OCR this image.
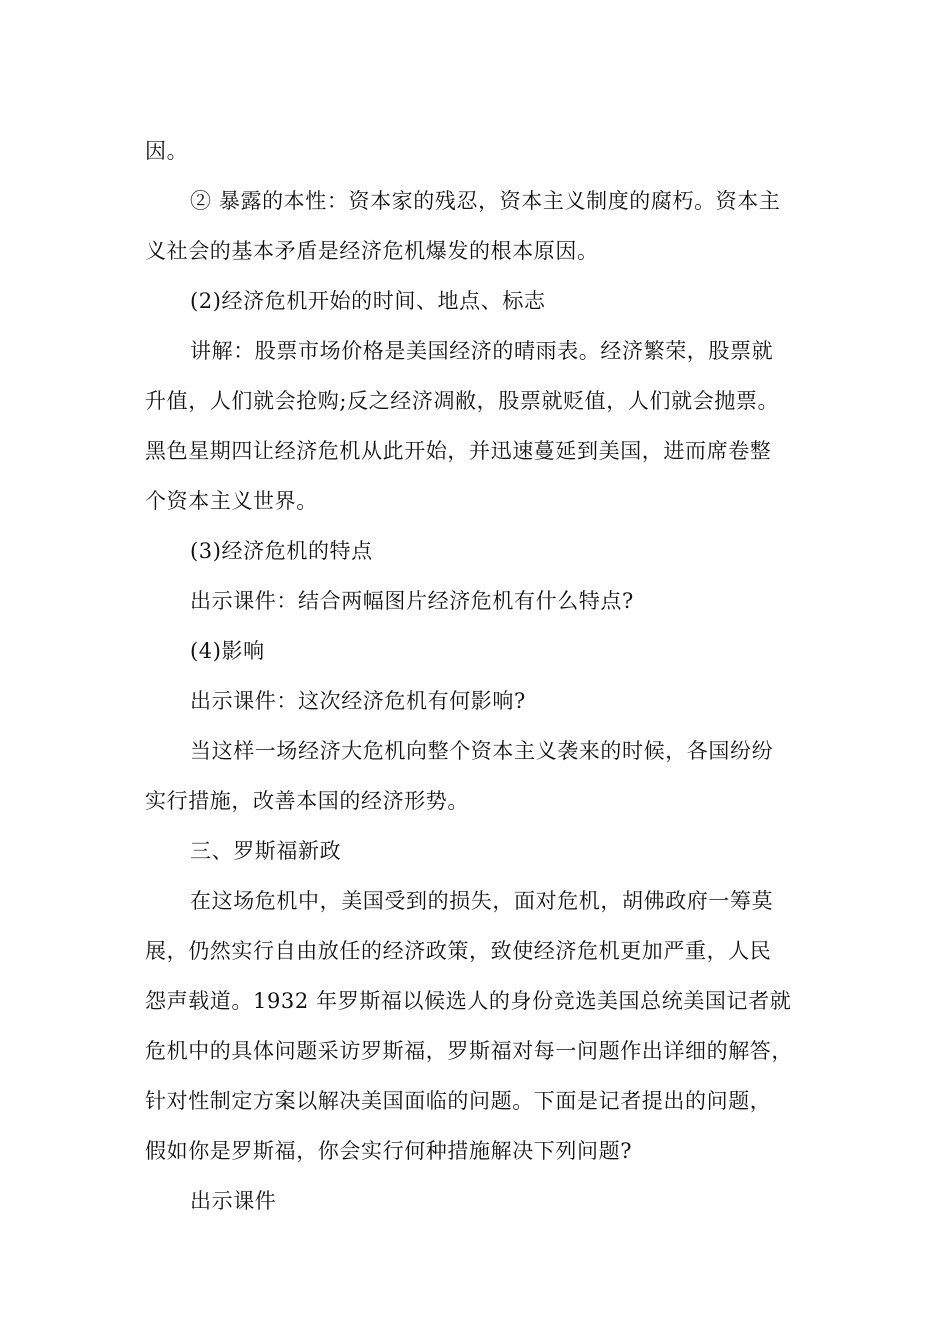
因。
② 暴露的本性：资本家的残忍，资本主义制度的腐朽。资本主
义社会的基本矛盾是经济危机爆发的根本原因。
(2)经济危机开始的时间、地点、标志
讲解：股票市场价格是美国经济的晴雨表。经济繁荣，股票就
升值，人们就会抢购;反之经济凋敝，股票就贬值，人们就会抛票。
黑色星期四让经济危机从此开始，并迅速蔓延到美国，进而席卷整
个资本主义世界。
(3)经济危机的特点
出示课件：结合两幅图片经济危机有什么特点?
(4)影响
出示课件：这次经济危机有何影响?
当这样一场经济大危机向整个资本主义袭来的时候，各国纷纷
实行措施，改善本国的经济形势。
三、罗斯福新政
在这场危机中，美国受到的损失，面对危机，胡佛政府一筹莫
展，仍然实行自由放任的经济政策，致使经济危机更加严重，人民
怨声载道。1932 年罗斯福以候选人的身份竞选美国总统美国记者就
危机中的具体问题采访罗斯福，罗斯福对每一问题作出详细的解答，
针对性制定方案以解决美国面临的问题。下面是记者提出的问题，
假如你是罗斯福，你会实行何种措施解决下列问题?
出示课件
